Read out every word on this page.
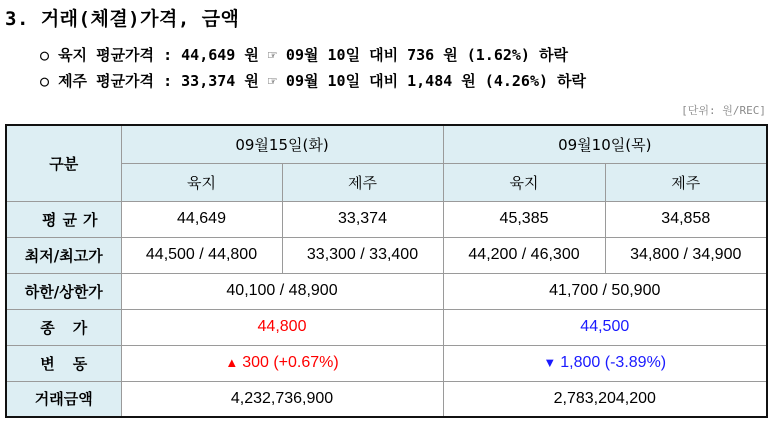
3. 거래(체결)가격, 금액
○ 육지 평균가격 : 44,649 원 ☞ 09월 10일 대비 736 원 (1.62%) 하락
○ 제주 평균가격 : 33,374 원 ☞ 09월 10일 대비 1,484 원 (4.26%) 하락
[단위: 원/REC]
구분	09월15일(화)		09월10일(목)	
	육지	제주	육지	제주
평균가	44,649	33,374	45,385	34,858
최저/최고가	44,500 / 44,800	33,300 / 33,400	44,200 / 46,300	34,800 / 34,900
하한/상한가	40,100 / 48,900		41,700 / 50,900	
종가	44,800		44,500	
변동	▲ 300 (+0.67%)		▼ 1,800 (-3.89%)	
거래금액	4,232,736,900		2,783,204,200	
